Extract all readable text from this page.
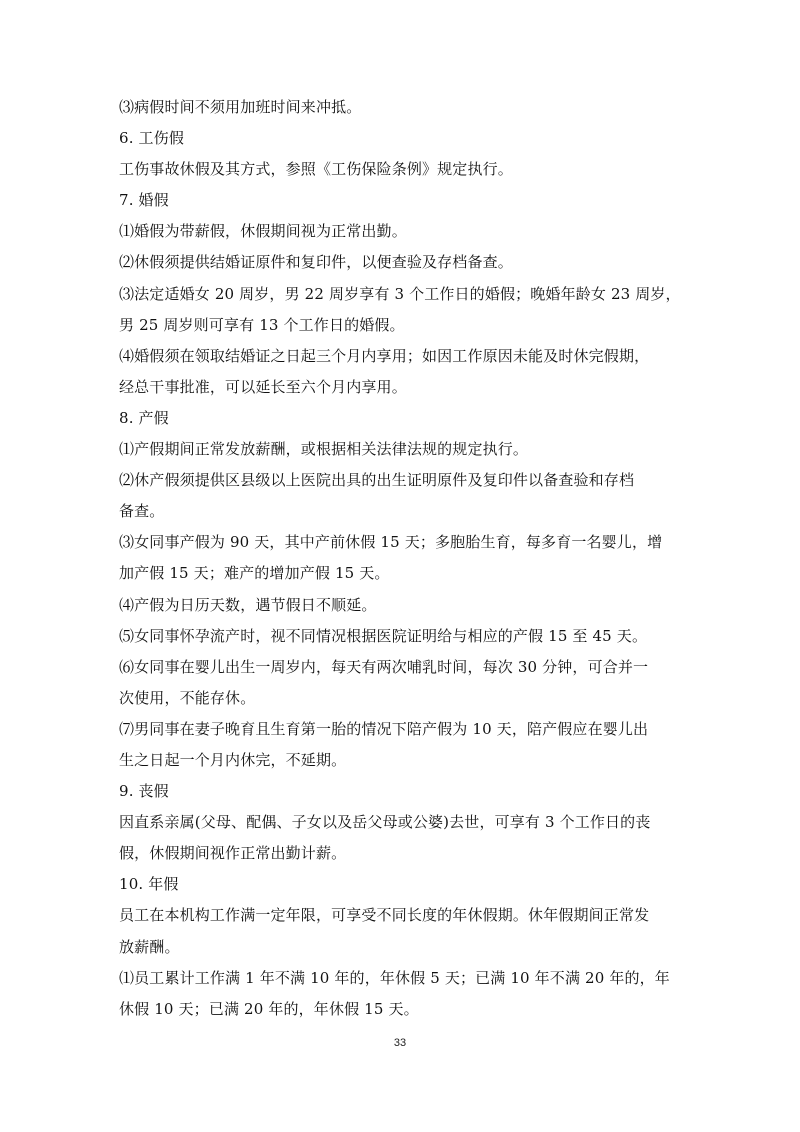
⑶病假时间不须用加班时间来冲抵。
6. 工伤假
工伤事故休假及其方式，参照《工伤保险条例》规定执行。
7. 婚假
⑴婚假为带薪假，休假期间视为正常出勤。
⑵休假须提供结婚证原件和复印件，以便查验及存档备查。
⑶法定适婚女 20 周岁，男 22 周岁享有 3 个工作日的婚假；晚婚年龄女 23 周岁，
男 25 周岁则可享有 13 个工作日的婚假。
⑷婚假须在领取结婚证之日起三个月内享用；如因工作原因未能及时休完假期，
经总干事批准，可以延长至六个月内享用。
8. 产假
⑴产假期间正常发放薪酬，或根据相关法律法规的规定执行。
⑵休产假须提供区县级以上医院出具的出生证明原件及复印件以备查验和存档
备查。
⑶女同事产假为 90 天，其中产前休假 15 天；多胞胎生育，每多育一名婴儿，增
加产假 15 天；难产的增加产假 15 天。
⑷产假为日历天数，遇节假日不顺延。
⑸女同事怀孕流产时，视不同情况根据医院证明给与相应的产假 15 至 45 天。
⑹女同事在婴儿出生一周岁内，每天有两次哺乳时间，每次 30 分钟，可合并一
次使用，不能存休。
⑺男同事在妻子晚育且生育第一胎的情况下陪产假为 10 天，陪产假应在婴儿出
生之日起一个月内休完，不延期。
9. 丧假
因直系亲属(父母、配偶、子女以及岳父母或公婆)去世，可享有 3 个工作日的丧
假，休假期间视作正常出勤计薪。
10. 年假
员工在本机构工作满一定年限，可享受不同长度的年休假期。休年假期间正常发
放薪酬。
⑴员工累计工作满 1 年不满 10 年的，年休假 5 天；已满 10 年不满 20 年的，年
休假 10 天；已满 20 年的，年休假 15 天。
33
